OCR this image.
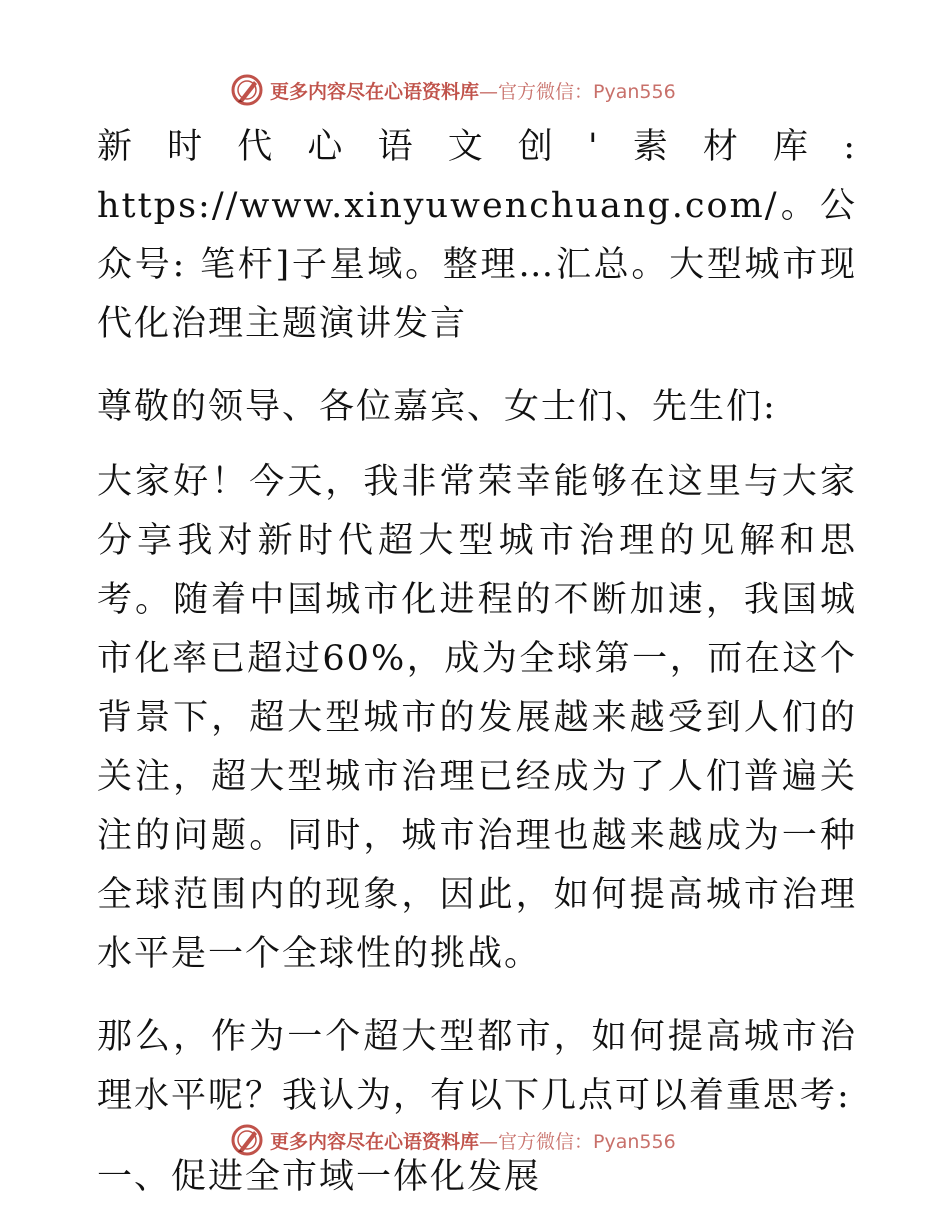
更多内容尽在心语资料库—官方微信：Pyan556

新时代心语文创'素材库: https://www.xinyuwenchuang.com/。公众号: 笔杆]子星域。整理…汇总。大型城市现代化治理主题演讲发言

尊敬的领导、各位嘉宾、女士们、先生们:

大家好！今天，我非常荣幸能够在这里与大家分享我对新时代超大型城市治理的见解和思考。随着中国城市化进程的不断加速，我国城市化率已超过60%，成为全球第一，而在这个背景下，超大型城市的发展越来越受到人们的关注，超大型城市治理已经成为了人们普遍关注的问题。同时，城市治理也越来越成为一种全球范围内的现象，因此，如何提高城市治理水平是一个全球性的挑战。

那么，作为一个超大型都市，如何提高城市治理水平呢？我认为，有以下几点可以着重思考:

一、促进全市域一体化发展

更多内容尽在心语资料库—官方微信：Pyan556
